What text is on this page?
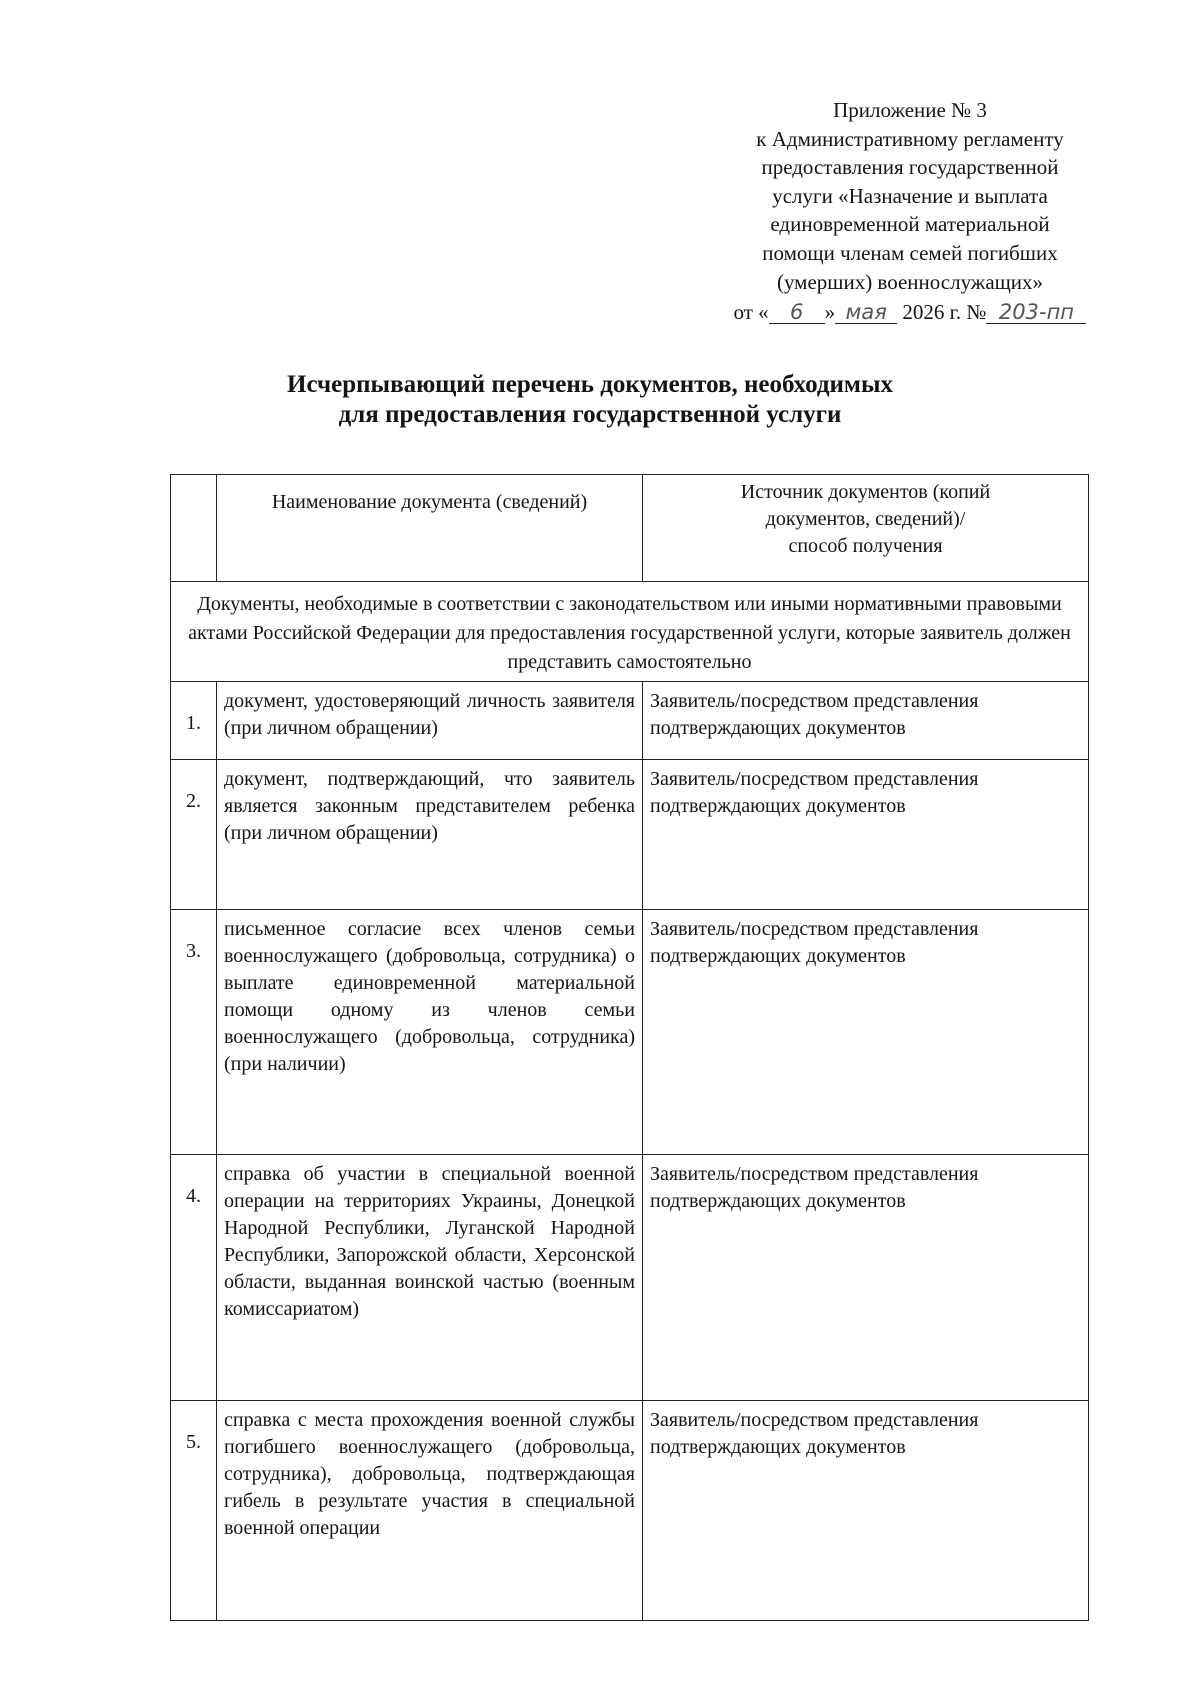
Приложение № 3
к Административному регламенту
предоставления государственной
услуги «Назначение и выплата
единовременной материальной
помощи членам семей погибших
(умерших) военнослужащих»
от « 6 » мая 2026 г. № 203-пп
Исчерпывающий перечень документов, необходимых
для предоставления государственной услуги
	Наименование документа (сведений)	Источник документов (копий
документов, сведений)/
способ получения

Документы, необходимые в соответствии с законодательством или иными нормативными правовыми актами Российской Федерации для предоставления государственной услуги, которые заявитель должен представить самостоятельно		
1.	документ, удостоверяющий личность заявителя (при личном обращении)	Заявитель/посредством представления подтверждающих документов
2.	документ, подтверждающий, что заявитель является законным представителем ребенка (при личном обращении)	Заявитель/посредством представления подтверждающих документов
3.	письменное согласие всех членов семьи военнослужащего (добровольца, сотрудника) о выплате единовременной материальной помощи одному из членов семьи военнослужащего (добровольца, сотрудника) (при наличии)	Заявитель/посредством представления подтверждающих документов
4.	справка об участии в специальной военной операции на территориях Украины, Донецкой Народной Республики, Луганской Народной Республики, Запорожской области, Херсонской области, выданная воинской частью (военным комиссариатом)	Заявитель/посредством представления подтверждающих документов
5.	справка с места прохождения военной службы погибшего военнослужащего (добровольца, сотрудника), добровольца, подтверждающая гибель в результате участия в специальной военной операции	Заявитель/посредством представления подтверждающих документов
